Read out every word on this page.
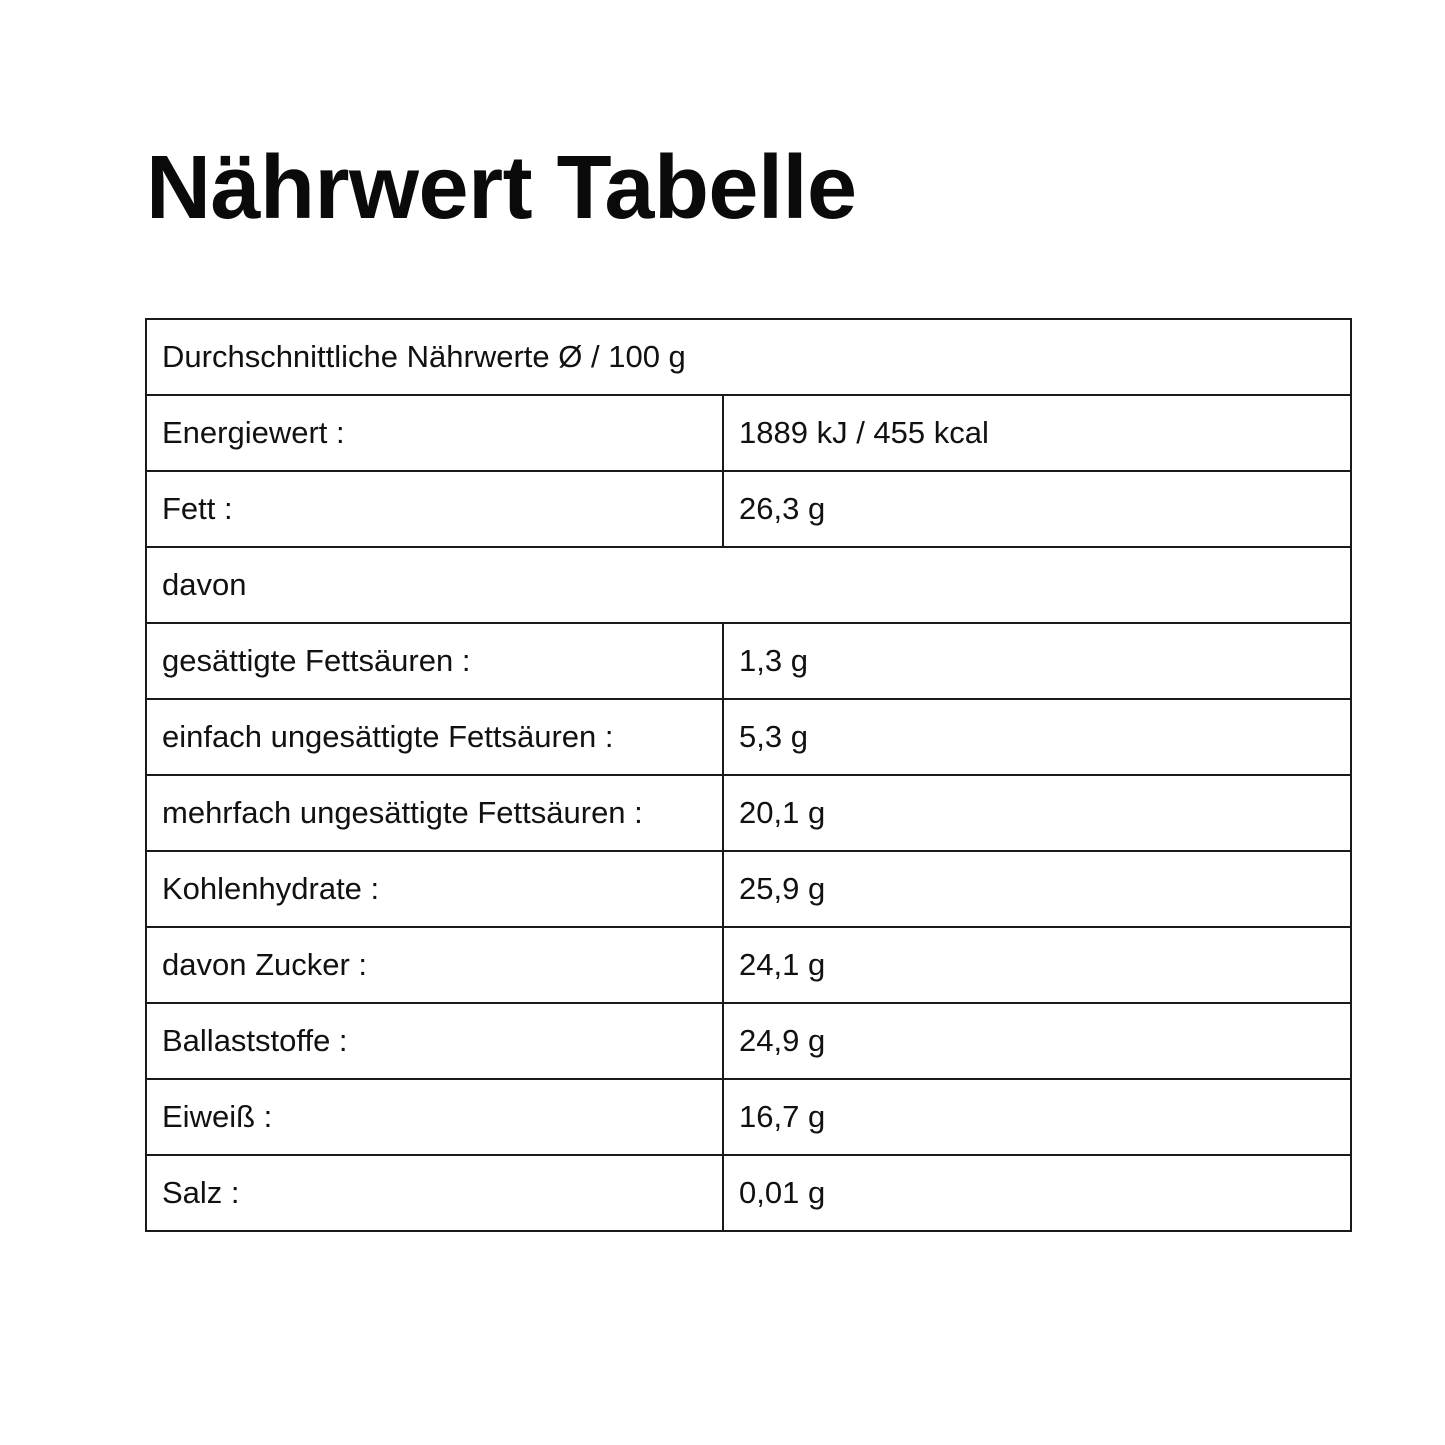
Nährwert Tabelle
Durchschnittliche Nährwerte Ø / 100 g	
Energiewert :	1889 kJ / 455 kcal
Fett :	26,3 g
davon	
gesättigte Fettsäuren :	1,3 g
einfach ungesättigte Fettsäuren :	5,3 g
mehrfach ungesättigte Fettsäuren :	20,1 g
Kohlenhydrate :	25,9 g
davon Zucker :	24,1 g
Ballaststoffe :	24,9 g
Eiweiß :	16,7 g
Salz :	0,01 g
